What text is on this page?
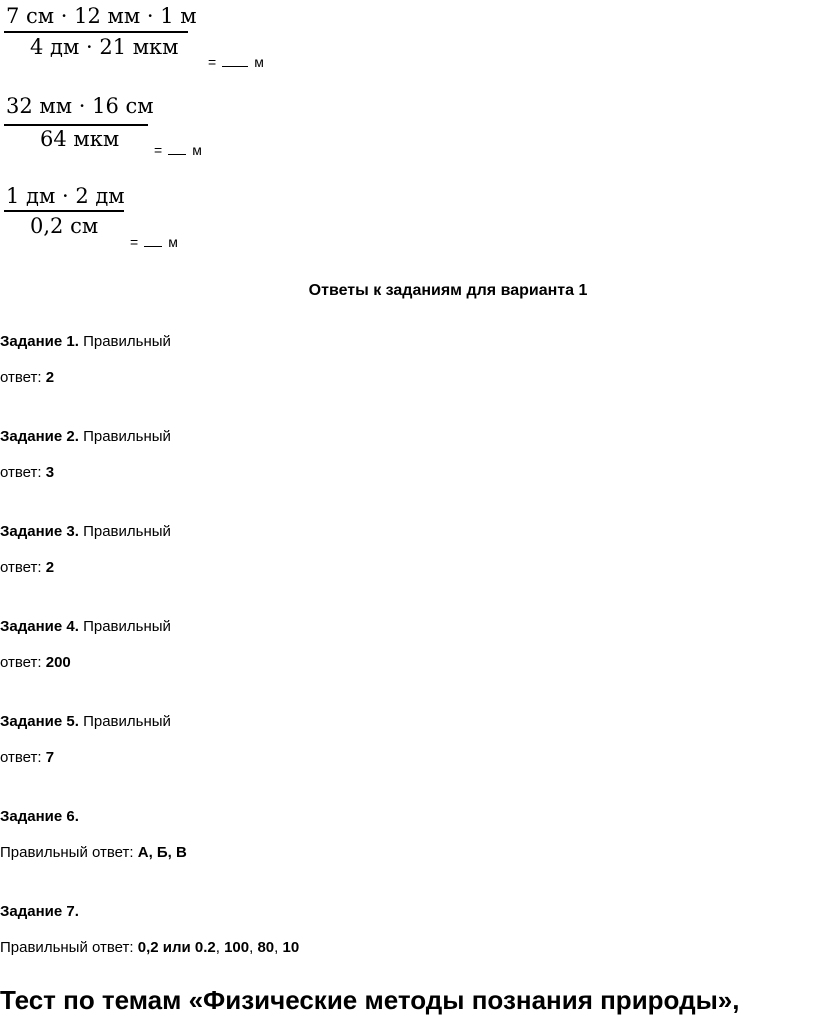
7 см · 12 мм · 1 м
4 дм · 21 мкм
=	м
32 мм · 16 см
64 мкм = м
1 дм · 2 дм
0,2 см
= м
Ответы к заданиям для варианта 1
Задание 1. Правильный
ответ: 2
Задание 2. Правильный
ответ: 3
Задание 3. Правильный
ответ: 2
Задание 4. Правильный
ответ: 200
Задание 5. Правильный
ответ: 7
Задание 6.
Правильный ответ: А, Б, В
Задание 7.
Правильный ответ: 0,2 или 0.2, 100, 80, 10
Тест по темам «Физические методы познания природы»,
